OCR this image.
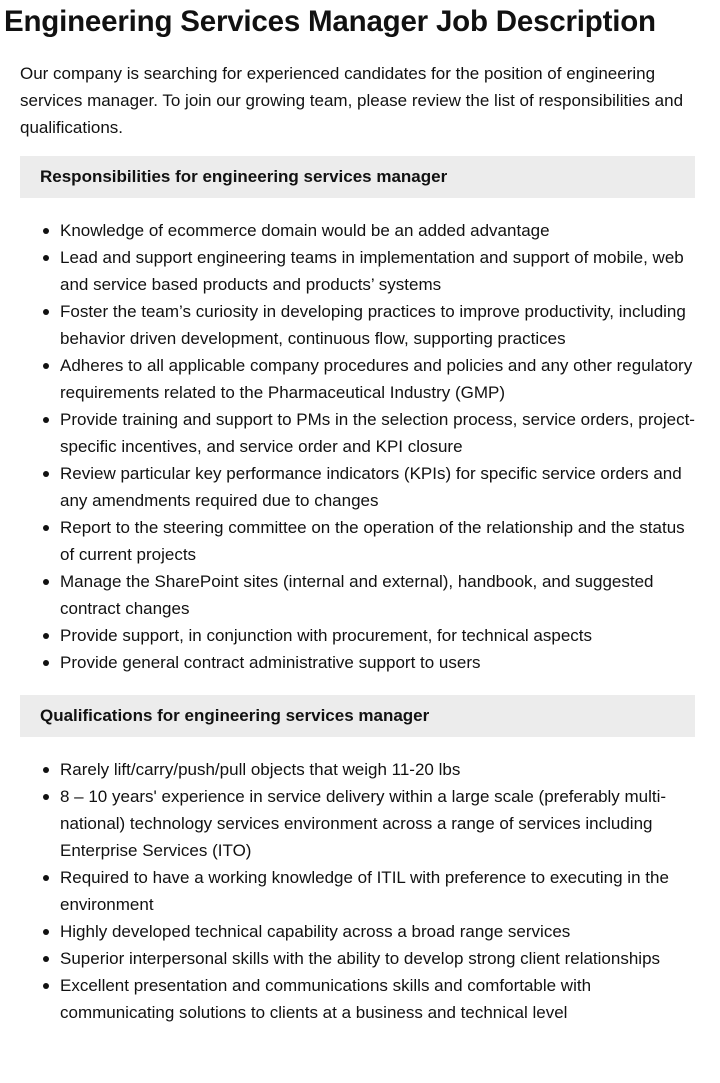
Engineering Services Manager Job Description

Our company is searching for experienced candidates for the position of engineering services manager. To join our growing team, please review the list of responsibilities and qualifications.

Responsibilities for engineering services manager
Knowledge of ecommerce domain would be an added advantage
Lead and support engineering teams in implementation and support of mobile, web and service based products and products’ systems
Foster the team’s curiosity in developing practices to improve productivity, including behavior driven development, continuous flow, supporting practices
Adheres to all applicable company procedures and policies and any other regulatory requirements related to the Pharmaceutical Industry (GMP)
Provide training and support to PMs in the selection process, service orders, project-specific incentives, and service order and KPI closure
Review particular key performance indicators (KPIs) for specific service orders and any amendments required due to changes
Report to the steering committee on the operation of the relationship and the status of current projects
Manage the SharePoint sites (internal and external), handbook, and suggested contract changes
Provide support, in conjunction with procurement, for technical aspects
Provide general contract administrative support to users
Qualifications for engineering services manager
Rarely lift/carry/push/pull objects that weigh 11-20 lbs
8 – 10 years' experience in service delivery within a large scale (preferably multi-national) technology services environment across a range of services including Enterprise Services (ITO)
Required to have a working knowledge of ITIL with preference to executing in the environment
Highly developed technical capability across a broad range services
Superior interpersonal skills with the ability to develop strong client relationships
Excellent presentation and communications skills and comfortable with communicating solutions to clients at a business and technical level
